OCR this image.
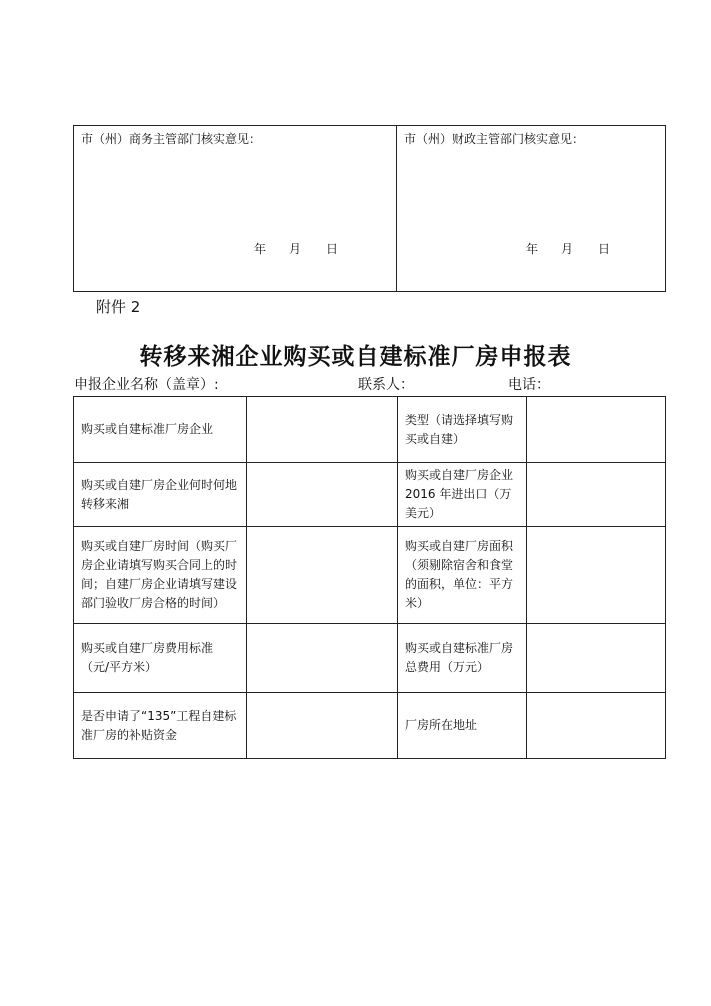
市（州）商务主管部门核实意见：
年 月 日
	市（州）财政主管部门核实意见：
年 月 日
附件 2
转移来湘企业购买或自建标准厂房申报表
申报企业名称（盖章）:	联系人：	电话：
购买或自建标准厂房企业		类型（请选择填写购买或自建）	
购买或自建厂房企业何时何地转移来湘		购买或自建厂房企业 2016 年进出口（万美元）	
购买或自建厂房时间（购买厂房企业请填写购买合同上的时间；自建厂房企业请填写建设部门验收厂房合格的时间）		购买或自建厂房面积（须剔除宿舍和食堂的面积，单位：平方米）	
购买或自建厂房费用标准（元/平方米）		购买或自建标准厂房总费用（万元）	
是否申请了“135”工程自建标准厂房的补贴资金		厂房所在地址	
